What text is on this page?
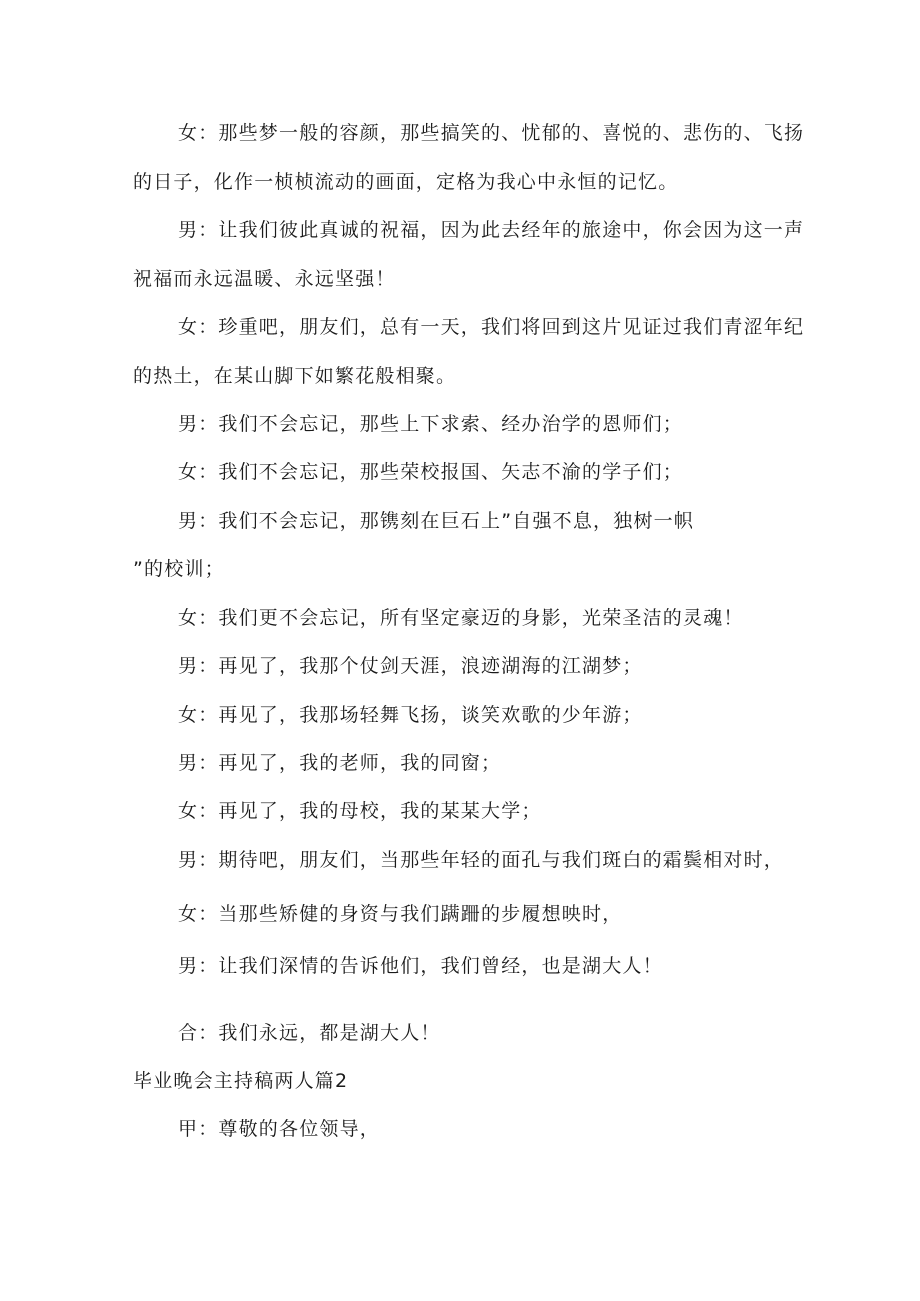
女：那些梦一般的容颜，那些搞笑的、忧郁的、喜悦的、悲伤的、飞扬
的日子，化作一桢桢流动的画面，定格为我心中永恒的记忆。
男：让我们彼此真诚的祝福，因为此去经年的旅途中，你会因为这一声
祝福而永远温暖、永远坚强！
女：珍重吧，朋友们，总有一天，我们将回到这片见证过我们青涩年纪
的热土，在某山脚下如繁花般相聚。
男：我们不会忘记，那些上下求索、经办治学的恩师们；
女：我们不会忘记，那些荣校报国、矢志不渝的学子们；
男：我们不会忘记，那镌刻在巨石上”自强不息，独树一帜
”的校训；
女：我们更不会忘记，所有坚定豪迈的身影，光荣圣洁的灵魂！
男：再见了，我那个仗剑天涯，浪迹湖海的江湖梦；
女：再见了，我那场轻舞飞扬，谈笑欢歌的少年游；
男：再见了，我的老师，我的同窗；
女：再见了，我的母校，我的某某大学；
男：期待吧，朋友们，当那些年轻的面孔与我们斑白的霜鬓相对时，
女：当那些矫健的身资与我们蹒跚的步履想映时，
男：让我们深情的告诉他们，我们曾经，也是湖大人！
合：我们永远，都是湖大人！
毕业晚会主持稿两人篇2
甲：尊敬的各位领导，
